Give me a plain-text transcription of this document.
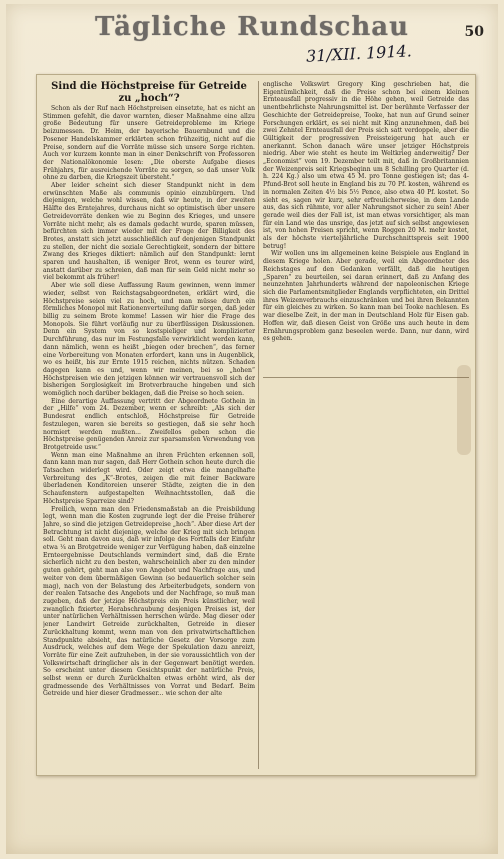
Tägliche Rundschau	50
31/XII. 1914.

Sind die Höchstpreise für Getreide zu „hoch“?

Schon als der Ruf nach Höchstpreisen einsetzte, hat es nicht an Stimmen gefehlt, die davor warnten, dieser Maßnahme eine allzu große Bedeutung für unsere Getreideprobleme im Kriege beizumessen. Dr. Heim, der bayerische Bauernbund und die Posener Handelskammer erklärten schon frühzeitig, nicht auf die Preise, sondern auf die Vorräte müsse sich unsere Sorge richten. Auch vor kurzem konnte man in einer Denkschrift von Professoren der Nationalökonomie lesen: „Die oberste Aufgabe dieses Frühjahrs, für ausreichende Vorräte zu sorgen, so daß unser Volk ohne zu darben, die Kriegszeit übersteht.“

Aber leider scheint sich dieser Standpunkt nicht in dem erwünschten Maße als communis opinio einzubürgern. Und diejenigen, welche wohl wissen, daß wir heute, in der zweiten Hälfte des Erntejahres, durchaus nicht so optimistisch über unsere Getreidevorräte denken wie zu Beginn des Krieges, und unsere Vorräte nicht mehr, als es damals gedacht wurde, sparen müssen, befürchten sich immer wieder mit der Frage der Billigkeit des Brotes, anstatt sich jetzt ausschließlich auf denjenigen Standpunkt zu stellen, der nicht die soziale Gerechtigkeit, sondern der bittere Zwang des Krieges diktiert: nämlich auf den Standpunkt: lernt sparen und haushalten, iß weniger Brot, wenn es teurer wird, anstatt darüber zu schreien, daß man für sein Geld nicht mehr so viel bekommt als früher!

Aber wie soll diese Auffassung Raum gewinnen, wenn immer wieder, selbst von Reichstagsabgeordneten, erklärt wird, die Höchstpreise seien viel zu hoch, und man müsse durch ein förmliches Monopol mit Rationenverteilung dafür sorgen, daß jeder billig zu seinem Brote komme! Lassen wir hier die Frage des Monopols. Sie führt vorläufig nur zu überflüssigen Diskussionen. Denn ein System von so kostspieliger und komplizierter Durchführung, das nur im Festungsfalle verwirklicht werden kann, dann nämlich, wenn es heißt „biegen oder brechen“, das ferner eine Vorbereitung von Monaten erfordert, kann uns in Augenblick, wo es heißt, bis zur Ernte 1915 reichen, nichts nützen. Schaden dagegen kann es und, wenn wir meinen, bei so „hohen“ Höchstpreisen wie den jetzigen können wir vertrauensvoll sich der bisherigen Sorglosigkeit im Brotverbrauche hingeben und sich womöglich noch darüber beklagen, daß die Preise so hoch seien.

Eine derartige Auffassung vertritt der Abgeordnete Gothein in der „Hilfe“ vom 24. Dezember, wenn er schreibt: „Als sich der Bundesrat endlich entschloß, Höchstpreise für Getreide festzulegen, waren sie bereits so gestiegen, daß sie sehr hoch normiert werden mußten... Zweifellos geben schon die Höchstpreise genügenden Anreiz zur sparsamsten Verwendung von Brotgetreide usw.“

Wenn man eine Maßnahme an ihren Früchten erkennen soll, dann kann man nur sagen, daß Herr Gothein schon heute durch die Tatsachen widerlegt wird. Oder zeigt etwa die mangelhafte Verbreitung des „K“-Brotes, zeigen die mit feiner Backware überladenen Konditoreien unserer Städte, zeigten die in den Schaufenstern aufgestapelten Weihnachtsstollen, daß die Höchstpreise Sparreize sind?

Freilich, wenn man den Friedensmaßstab an die Preisbildung legt, wenn man die Kosten zugrunde legt der die Preise früherer Jahre, so sind die jetzigen Getreidepreise „hoch“. Aber diese Art der Betrachtung ist nicht diejenige, welche der Krieg mit sich bringen soll. Geht man davon aus, daß wir infolge des Fortfalls der Einfuhr etwa ¼ an Brotgetreide weniger zur Verfügung haben, daß einzelne Ernteergebnisse Deutschlands vermindert sind, daß die Ernte sicherlich nicht zu den besten, wahrscheinlich aber zu den minder guten gehört, geht man also von Angebot und Nachfrage aus, und weiter von dem übermäßigen Gewinn (so bedauerlich solcher sein mag), nach von der Belastung des Arbeiterbudgets, sondern von der realen Tatsache des Angebots und der Nachfrage, so muß man zugeben, daß der jetzige Höchstpreis ein Preis künstlicher, weil zwanglich fixierter, Herabschraubung desjenigen Preises ist, der unter natürlichen Verhältnissen herrschen würde. Mag dieser oder jener Landwirt Getreide zurückhalten, Getreide in dieser Zurückhaltung kommt, wenn man von den privatwirtschaftlichen Standpunkte absieht, das natürliche Gesetz der Vorsorge zum Ausdruck, welches auf dem Wege der Spekulation dazu anreizt, Vorräte für eine Zeit aufzuheben, in der sie voraussichtlich von der Volkswirtschaft dringlicher als in der Gegenwart benötigt werden. So erscheint unter diesem Gesichtspunkt der natürliche Preis, selbst wenn er durch Zurückhalten etwas erhöht wird, als der gradmessende des Verhältnisses von Vorrat und Bedarf. Beim Getreide und hier dieser Gradmesser... wie schon der alte

englische Volkswirt Gregory King geschrieben hat, die Eigentümlichkeit, daß die Preise schon bei einem kleinen Ernteausfall progressiv in die Höhe gehen, weil Getreide das unentbehrlichste Nahrungsmittel ist. Der berühmte Verfasser der Geschichte der Getreidepreise, Tooke, hat nun auf Grund seiner Forschungen erklärt, es sei nicht mit King anzunehmen, daß bei zwei Zehntel Ernteausfall der Preis sich satt verdoppele, aber die Gültigkeit der progressiven Preissteigerung hat auch er anerkannt. Schon danach wäre unser jetziger Höchstpreis niedrig. Aber wie steht es heute im Weltkrieg anderweitig? Der „Economist“ vom 19. Dezember teilt mit, daß in Großbritannien der Weizenpreis seit Kriegsbeginn um 8 Schilling pro Quarter (d. h. 224 Kg.) also um etwa 45 M. pro Tonne gestiegen ist; das 4-Pfund-Brot soll heute in England bis zu 70 Pf. kosten, während es in normalen Zeiten 4½ bis 5½ Pence, also etwa 40 Pf. kostet. So sieht es, sagen wir kurz, sehr erfreulicherweise, in dem Lande aus, das sich rühmte, vor aller Nahrungsnot sicher zu sein! Aber gerade weil dies der Fall ist, ist man etwas vorsichtiger, als man für ein Land wie das unsrige, das jetzt auf sich selbst angewiesen ist, von hohen Preisen spricht, wenn Roggen 20 M. mehr kostet, als der höchste vierteljährliche Durchschnittspreis seit 1900 betrug!

Wir wollen uns im allgemeinen keine Beispiele aus England in diesem Kriege holen. Aber gerade, weil ein Abgeordneter des Reichstages auf den Gedanken verfällt, daß die heutigen „Sparen“ zu beurteilen, sei daran erinnert, daß zu Anfang des neunzehnten Jahrhunderts während der napoleonischen Kriege sich die Parlamentsmitglieder Englands verpflichteten, ein Drittel ihres Weizenverbrauchs einzuschränken und bei ihren Bekannten für ein gleiches zu wirken. So kann man bei Tooke nachlesen. Es war dieselbe Zeit, in der man in Deutschland Holz für Eisen gab. Hoffen wir, daß diesen Geist von Größe uns auch heute in dem Ernährungsproblem ganz beseelen werde. Dann, nur dann, wird es gehen.
